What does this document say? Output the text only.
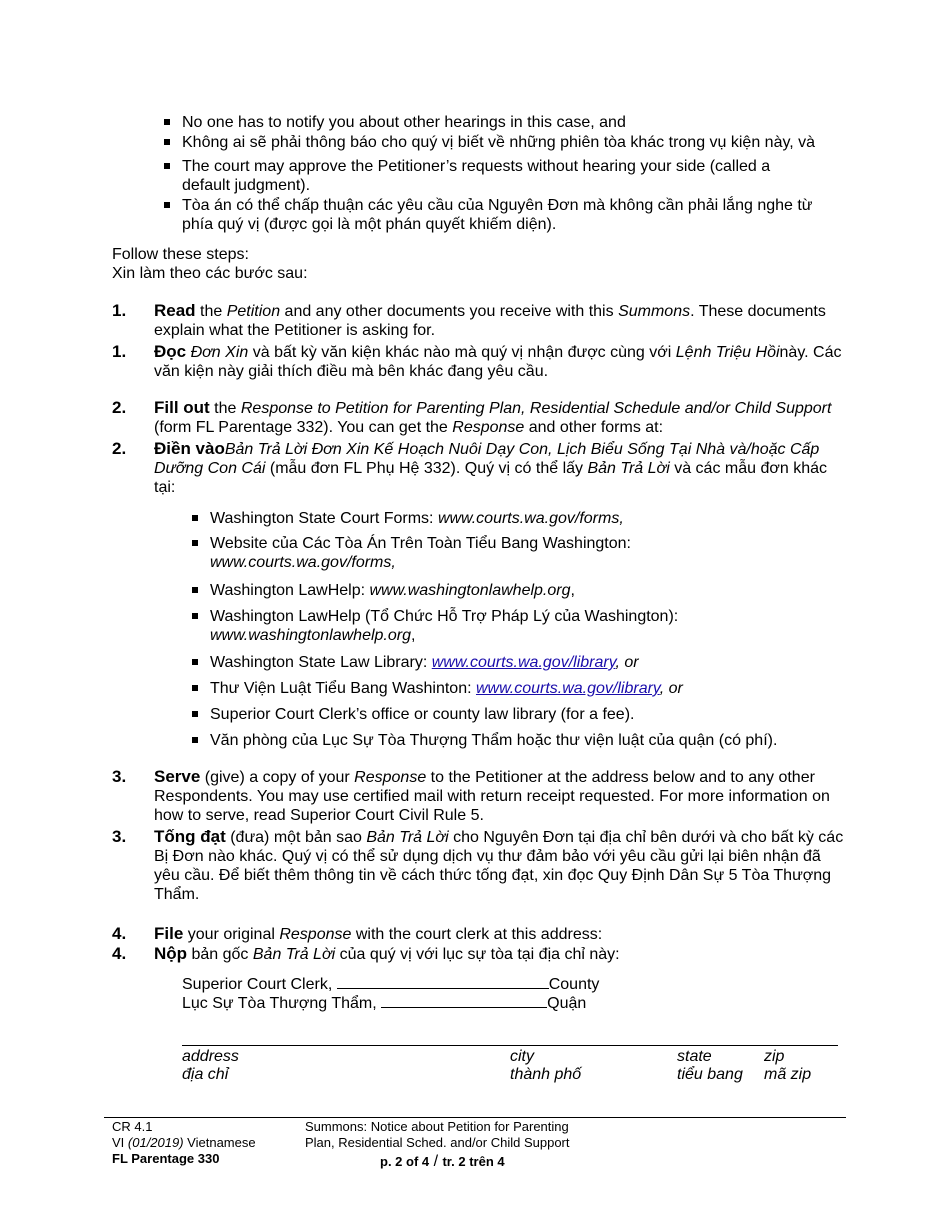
No one has to notify you about other hearings in this case, and
Không ai sẽ phải thông báo cho quý vị biết về những phiên tòa khác trong vụ kiện này, và
The court may approve the Petitioner’s requests without hearing your side (called a default judgment).
Tòa án có thể chấp thuận các yêu cầu của Nguyên Đơn mà không cần phải lắng nghe từ phía quý vị (được gọi là một phán quyết khiếm diện).
Follow these steps:
Xin làm theo các bước sau:
1. Read the Petition and any other documents you receive with this Summons. These documents explain what the Petitioner is asking for.
1. Đọc Đơn Xin và bất kỳ văn kiện khác nào mà quý vị nhận được cùng với Lệnh Triệu Hồinày. Các văn kiện này giải thích điều mà bên khác đang yêu cầu.
2. Fill out the Response to Petition for Parenting Plan, Residential Schedule and/or Child Support (form FL Parentage 332). You can get the Response and other forms at:
2. Điền vàoBản Trả Lời Đơn Xin Kế Hoạch Nuôi Dạy Con, Lịch Biểu Sống Tại Nhà và/hoặc Cấp Dưỡng Con Cái (mẫu đơn FL Phụ Hệ 332). Quý vị có thể lấy Bản Trả Lời và các mẫu đơn khác tại:
Washington State Court Forms: www.courts.wa.gov/forms,
Website của Các Tòa Án Trên Toàn Tiểu Bang Washington:
www.courts.wa.gov/forms,
Washington LawHelp: www.washingtonlawhelp.org,
Washington LawHelp (Tổ Chức Hỗ Trợ Pháp Lý của Washington):
www.washingtonlawhelp.org,
Washington State Law Library: www.courts.wa.gov/library, or
Thư Viện Luật Tiểu Bang Washinton: www.courts.wa.gov/library, or
Superior Court Clerk’s office or county law library (for a fee).
Văn phòng của Lục Sự Tòa Thượng Thẩm hoặc thư viện luật của quận (có phí).
3. Serve (give) a copy of your Response to the Petitioner at the address below and to any other Respondents. You may use certified mail with return receipt requested. For more information on how to serve, read Superior Court Civil Rule 5.
3. Tống đạt (đưa) một bản sao Bản Trả Lời cho Nguyên Đơn tại địa chỉ bên dưới và cho bất kỳ các Bị Đơn nào khác. Quý vị có thể sử dụng dịch vụ thư đảm bảo với yêu cầu gửi lại biên nhận đã yêu cầu. Để biết thêm thông tin về cách thức tống đạt, xin đọc Quy Định Dân Sự 5 Tòa Thượng Thẩm.
4. File your original Response with the court clerk at this address:
4. Nộp bản gốc Bản Trả Lời của quý vị với lục sự tòa tại địa chỉ này:
Superior Court Clerk,	County
Lục Sự Tòa Thượng Thẩm,	Quận
address
địa chỉ
city
thành phố
state
tiểu bang
zip
mã zip
CR 4.1
VI (01/2019) Vietnamese
FL Parentage 330
Summons: Notice about Petition for Parenting
Plan, Residential Sched. and/or Child Support
p. 2 of 4 / tr. 2 trên 4
